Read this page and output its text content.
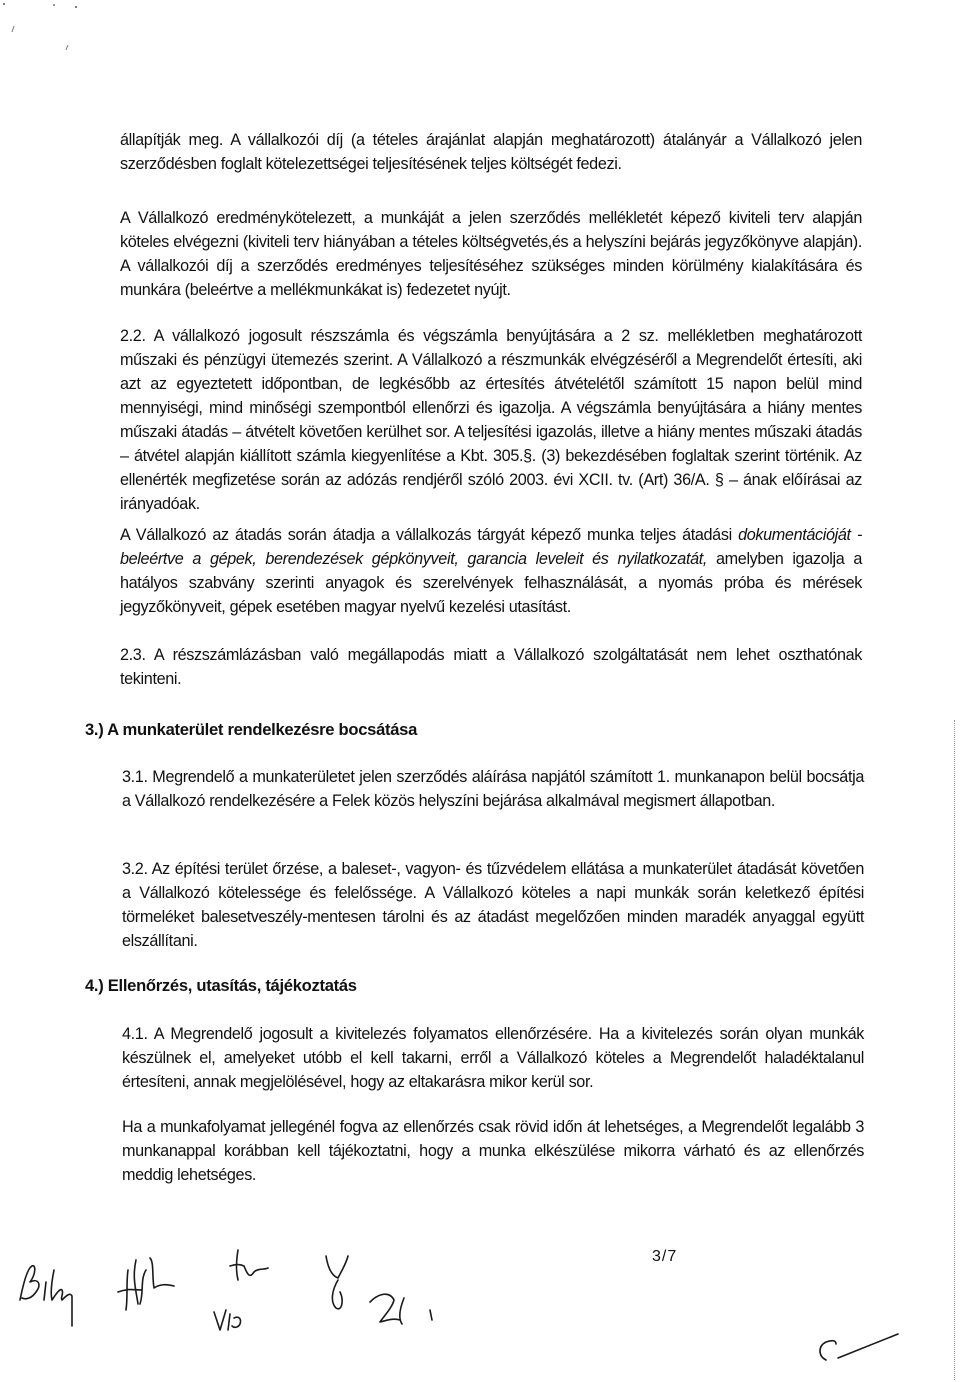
állapítják meg. A vállalkozói díj (a tételes árajánlat alapján meghatározott) átalányár a Vállalkozó jelen szerződésben foglalt kötelezettségei teljesítésének teljes költségét fedezi.

A Vállalkozó eredménykötelezett, a munkáját a jelen szerződés mellékletét képező kiviteli terv alapján köteles elvégezni (kiviteli terv hiányában a tételes költségvetés,és a helyszíni bejárás jegyzőkönyve alapján). A vállalkozói díj a szerződés eredményes teljesítéséhez szükséges minden körülmény kialakítására és munkára (beleértve a mellékmunkákat is) fedezetet nyújt.

2.2. A vállalkozó jogosult részszámla és végszámla benyújtására a 2 sz. mellékletben meghatározott műszaki és pénzügyi ütemezés szerint. A Vállalkozó a részmunkák elvégzéséről a Megrendelőt értesíti, aki azt az egyeztetett időpontban, de legkésőbb az értesítés átvételétől számított 15 napon belül mind mennyiségi, mind minőségi szempontból ellenőrzi és igazolja. A végszámla benyújtására a hiány mentes műszaki átadás – átvételt követően kerülhet sor. A teljesítési igazolás, illetve a hiány mentes műszaki átadás – átvétel alapján kiállított számla kiegyenlítése a Kbt. 305.§. (3) bekezdésében foglaltak szerint történik. Az ellenérték megfizetése során az adózás rendjéről szóló 2003. évi XCII. tv. (Art) 36/A. § – ának előírásai az irányadóak.

A Vállalkozó az átadás során átadja a vállalkozás tárgyát képező munka teljes átadási dokumentációját -beleértve a gépek, berendezések gépkönyveit, garancia leveleit és nyilatkozatát, amelyben igazolja a hatályos szabvány szerinti anyagok és szerelvények felhasználását, a nyomás próba és mérések jegyzőkönyveit, gépek esetében magyar nyelvű kezelési utasítást.

2.3. A részszámlázásban való megállapodás miatt a Vállalkozó szolgáltatását nem lehet oszthatónak tekinteni.

3.) A munkaterület rendelkezésre bocsátása

3.1. Megrendelő a munkaterületet jelen szerződés aláírása napjától számított 1. munkanapon belül bocsátja a Vállalkozó rendelkezésére a Felek közös helyszíni bejárása alkalmával megismert állapotban.

3.2. Az építési terület őrzése, a baleset-, vagyon- és tűzvédelem ellátása a munkaterület átadását követően a Vállalkozó kötelessége és felelőssége. A Vállalkozó köteles a napi munkák során keletkező építési törmeléket balesetveszély-mentesen tárolni és az átadást megelőzően minden maradék anyaggal együtt elszállítani.

4.) Ellenőrzés, utasítás, tájékoztatás

4.1. A Megrendelő jogosult a kivitelezés folyamatos ellenőrzésére. Ha a kivitelezés során olyan munkák készülnek el, amelyeket utóbb el kell takarni, erről a Vállalkozó köteles a Megrendelőt haladéktalanul értesíteni, annak megjelölésével, hogy az eltakarásra mikor kerül sor.

Ha a munkafolyamat jellegénél fogva az ellenőrzés csak rövid időn át lehetséges, a Megrendelőt legalább 3 munkanappal korábban kell tájékoztatni, hogy a munka elkészülése mikorra várható és az ellenőrzés meddig lehetséges.

3/7
